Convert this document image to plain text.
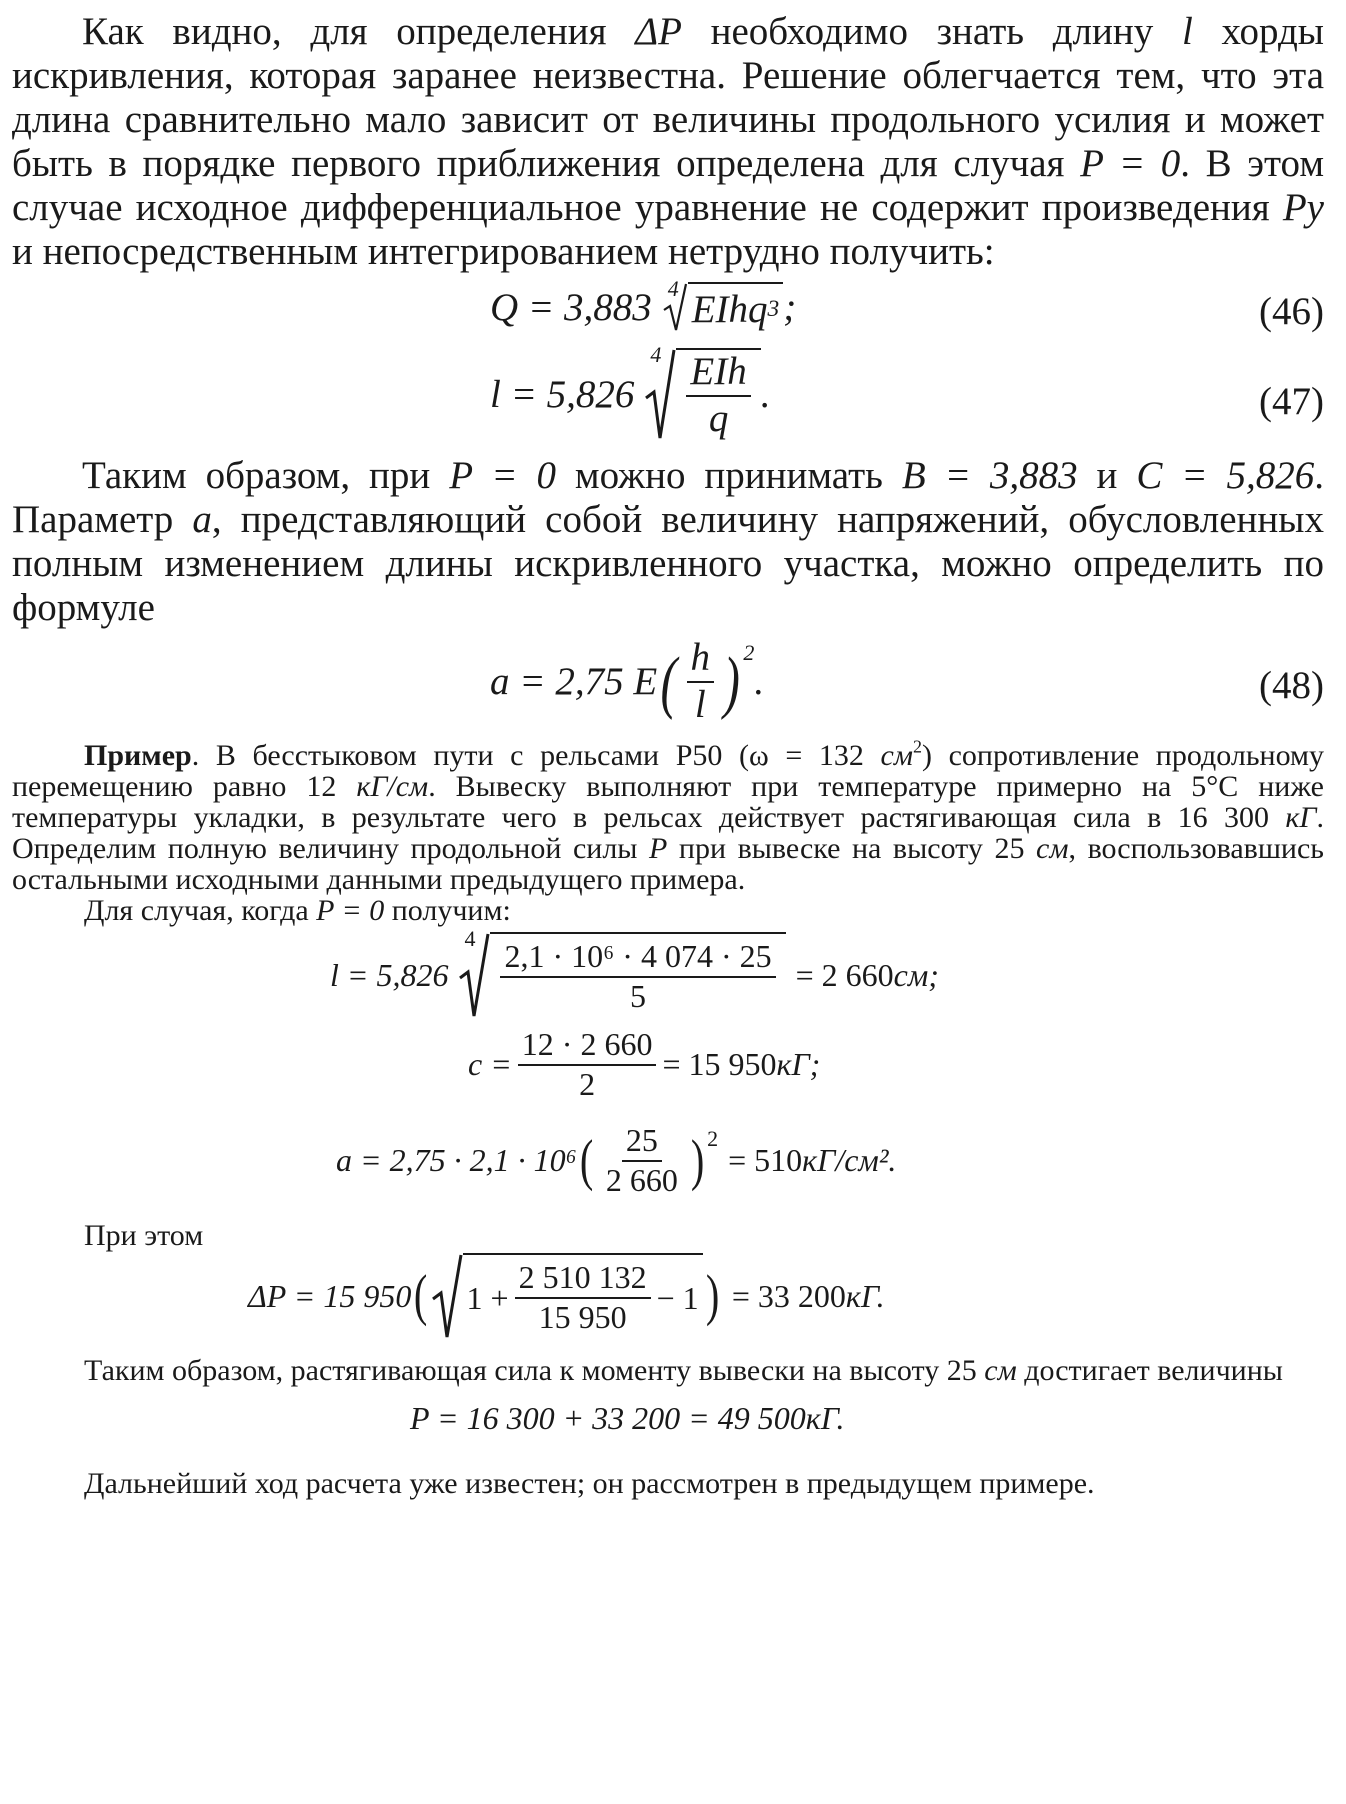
Как видно, для определения ΔP необходимо знать длину l хорды искривления, которая заранее неизвестна. Решение облегчается тем, что эта длина сравнительно мало зависит от величины продольного усилия и может быть в порядке первого приближения определена для случая P = 0. В этом случае исходное дифференциальное уравнение не содержит произведения Py и непосредственным интегрированием нетрудно получить:

Q = 3,883 4 EIhq 3 ;	(46)
l = 5,826
$4 \frac{\text{EIh}}{q}$ .	(47)

Таким образом, при P = 0 можно принимать B = 3,883 и C = 5,826. Параметр a, представляющий собой величину напряжений, обусловленных полным изменением длины искривленного участка, можно определить по формуле

a = 2,75 E ( $\frac{h}{l}$ ) 2
.	(48)

Пример. В бесстыковом пути с рельсами Р50 (ω = 132 $см^2$) сопротивление продольному перемещению равно 12 кГ/см. Вывеску выполняют при температуре примерно на 5°С ниже температуры укладки, в результате чего в рельсах действует растягивающая сила в 16 300 кГ. Определим полную величину продольной силы P при вывеске на высоту 25 см, воспользовавшись остальными исходными данными предыдущего примера.

Для случая, когда P = 0 получим:

l = 5,826
4
$\frac{\text{2,1 · 10⁶ · 4 074 · 25}}{5} = 2$ 660 см;
$c = \frac{12 \cdot 2 660}{2} = 15$ 950 кГ;
a = 2,75 · 2,1 · 10⁶ ( $\frac{25}{2 660}$ ) 2
= 510 кГ/см².

При этом

ΔP = 15 950 ( $1 + \frac{2 510 132}{15 950} - 1$ ) = 33 200 кГ.

Таким образом, растягивающая сила к моменту вывески на высоту 25 см достигает величины

P = 16 300 + 33 200 = 49 500 кГ.

Дальнейший ход расчета уже известен; он рассмотрен в предыдущем примере.
